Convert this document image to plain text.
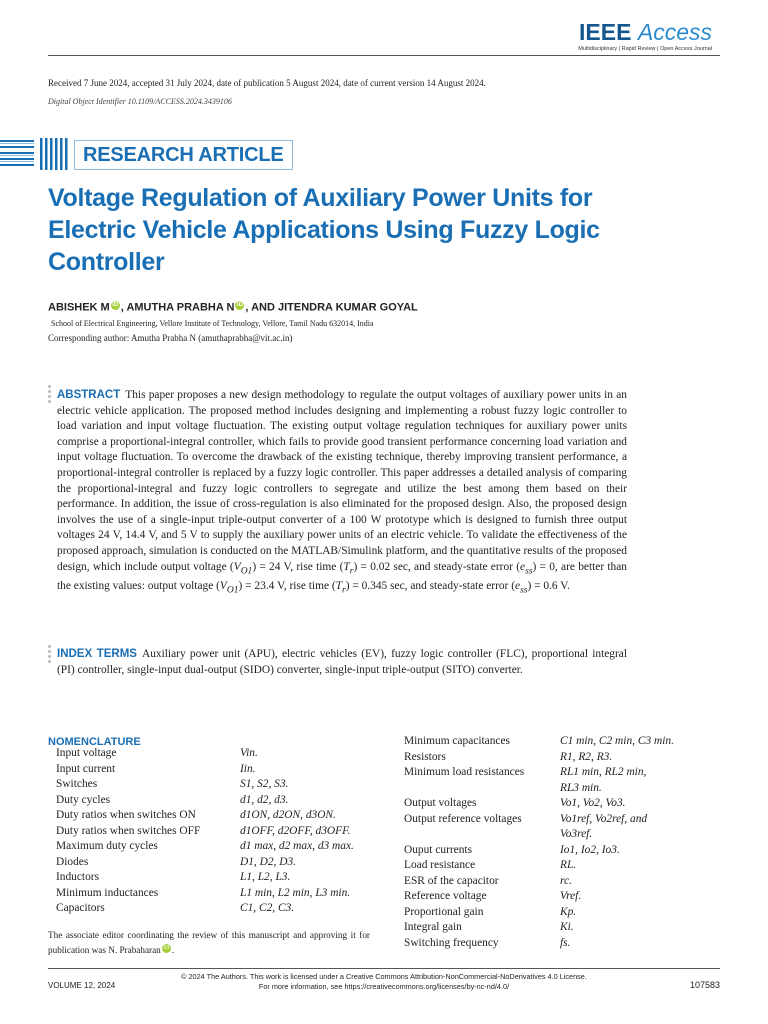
IEEE Access
Multidisciplinary | Rapid Review | Open Access Journal
Received 7 June 2024, accepted 31 July 2024, date of publication 5 August 2024, date of current version 14 August 2024.
Digital Object Identifier 10.1109/ACCESS.2024.3439106
RESEARCH ARTICLE
Voltage Regulation of Auxiliary Power Units for Electric Vehicle Applications Using Fuzzy Logic Controller
ABISHEK M iD , AMUTHA PRABHA N iD , AND JITENDRA KUMAR GOYAL
School of Electrical Engineering, Vellore Institute of Technology, Vellore, Tamil Nadu 632014, India
Corresponding author: Amutha Prabha N (amuthaprabha@vit.ac.in)
ABSTRACT This paper proposes a new design methodology to regulate the output voltages of auxiliary power units in an electric vehicle application. The proposed method includes designing and implementing a robust fuzzy logic controller to load variation and input voltage fluctuation. The existing output voltage regulation techniques for auxiliary power units comprise a proportional-integral controller, which fails to provide good transient performance concerning load variation and input voltage fluctuation. To overcome the drawback of the existing technique, thereby improving transient performance, a proportional-integral controller is replaced by a fuzzy logic controller. This paper addresses a detailed analysis of comparing the proportional-integral and fuzzy logic controllers to segregate and utilize the best among them based on their performance. In addition, the issue of cross-regulation is also eliminated for the proposed design. Also, the proposed design involves the use of a single-input triple-output converter of a 100 W prototype which is designed to furnish three output voltages 24 V, 14.4 V, and 5 V to supply the auxiliary power units of an electric vehicle. To validate the effectiveness of the proposed approach, simulation is conducted on the MATLAB/Simulink platform, and the quantitative results of the proposed design, which include output voltage $(V_{O1}) = 24$ V, rise time $(T_r) = 0.02$ sec, and steady-state error $(e_{ss}) = 0$, are better than the existing values: output voltage $(V_{O1}) = 23.4$ V, rise time $(T_r) = 0.345$ sec, and steady-state error $(e_{ss}) = 0.6$ V.
INDEX TERMS Auxiliary power unit (APU), electric vehicles (EV), fuzzy logic controller (FLC), proportional integral (PI) controller, single-input dual-output (SIDO) converter, single-input triple-output (SITO) converter.
NOMENCLATURE
Input voltage	Vin.
Input current	Iin.
Switches	S1, S2, S3.
Duty cycles	d1, d2, d3.
Duty ratios when switches ON	d1ON, d2ON, d3ON.
Duty ratios when switches OFF	d1OFF, d2OFF, d3OFF.
Maximum duty cycles	d1 max, d2 max, d3 max.
Diodes	D1, D2, D3.
Inductors	L1, L2, L3.
Minimum inductances	L1 min, L2 min, L3 min.
Capacitors	C1, C2, C3.
Minimum capacitances	C1 min, C2 min, C3 min.
Resistors	R1, R2, R3.
Minimum load resistances	RL1 min, RL2 min,
RL3 min.
Output voltages	Vo1, Vo2, Vo3.
Output reference voltages	Vo1ref, Vo2ref, and
Vo3ref.
Ouput currents	Io1, Io2, Io3.
Load resistance	RL.
ESR of the capacitor	rc.
Reference voltage	Vref.
Proportional gain	Kp.
Integral gain	Ki.
Switching frequency	fs.
The associate editor coordinating the review of this manuscript and approving it for publication was N. Prabaharan iD .
© 2024 The Authors. This work is licensed under a Creative Commons Attribution-NonCommercial-NoDerivatives 4.0 License.
For more information, see https://creativecommons.org/licenses/by-nc-nd/4.0/
VOLUME 12, 2024	107583
